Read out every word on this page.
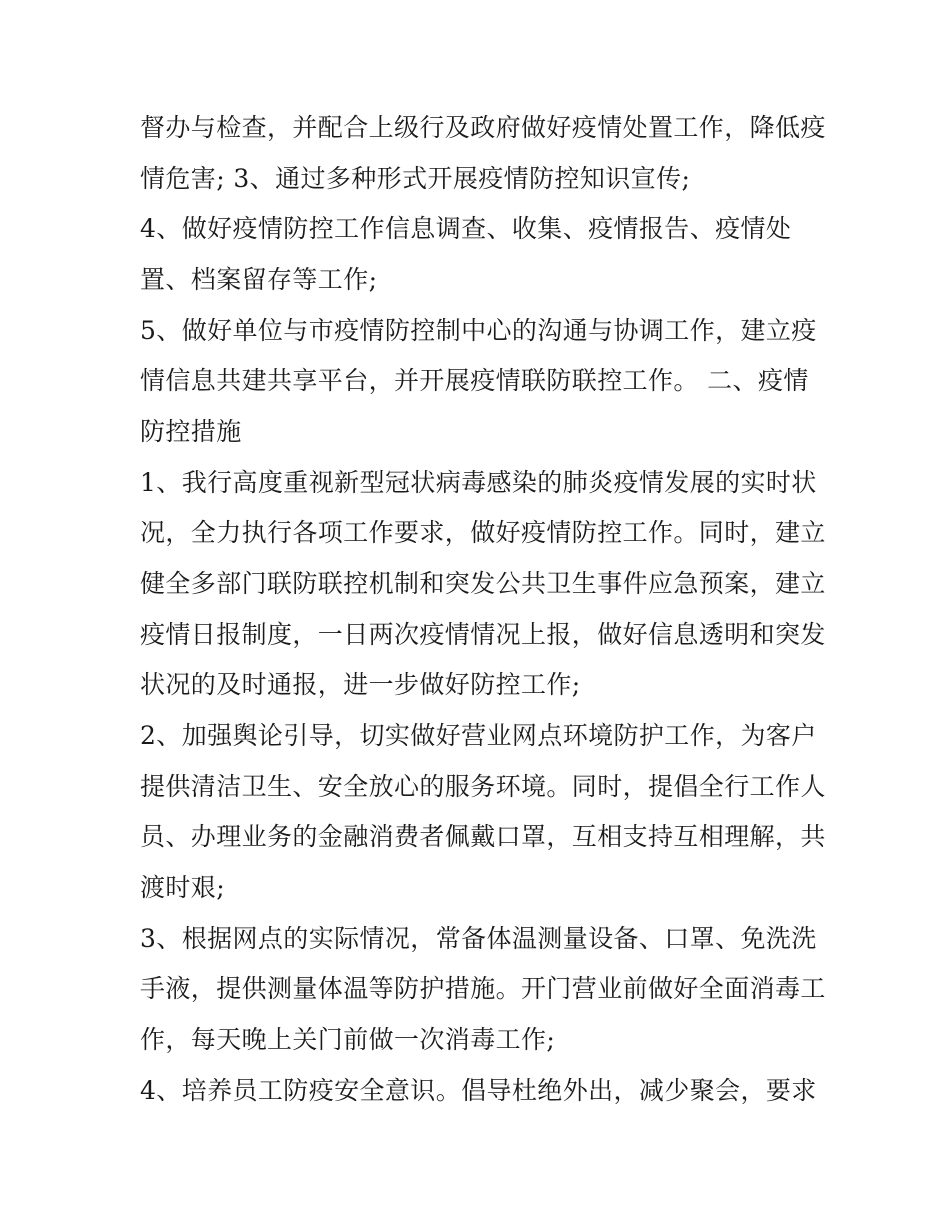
督办与检查，并配合上级行及政府做好疫情处置工作，降低疫
情危害; 3、通过多种形式开展疫情防控知识宣传;
4、做好疫情防控工作信息调查、收集、疫情报告、疫情处
置、档案留存等工作;
5、做好单位与市疫情防控制中心的沟通与协调工作，建立疫
情信息共建共享平台，并开展疫情联防联控工作。 二、疫情
防控措施
1、我行高度重视新型冠状病毒感染的肺炎疫情发展的实时状
况，全力执行各项工作要求，做好疫情防控工作。同时，建立
健全多部门联防联控机制和突发公共卫生事件应急预案，建立
疫情日报制度，一日两次疫情情况上报，做好信息透明和突发
状况的及时通报，进一步做好防控工作;
2、加强舆论引导，切实做好营业网点环境防护工作，为客户
提供清洁卫生、安全放心的服务环境。同时，提倡全行工作人
员、办理业务的金融消费者佩戴口罩，互相支持互相理解，共
渡时艰;
3、根据网点的实际情况，常备体温测量设备、口罩、免洗洗
手液，提供测量体温等防护措施。开门营业前做好全面消毒工
作，每天晚上关门前做一次消毒工作;
4、培养员工防疫安全意识。倡导杜绝外出，减少聚会，要求
